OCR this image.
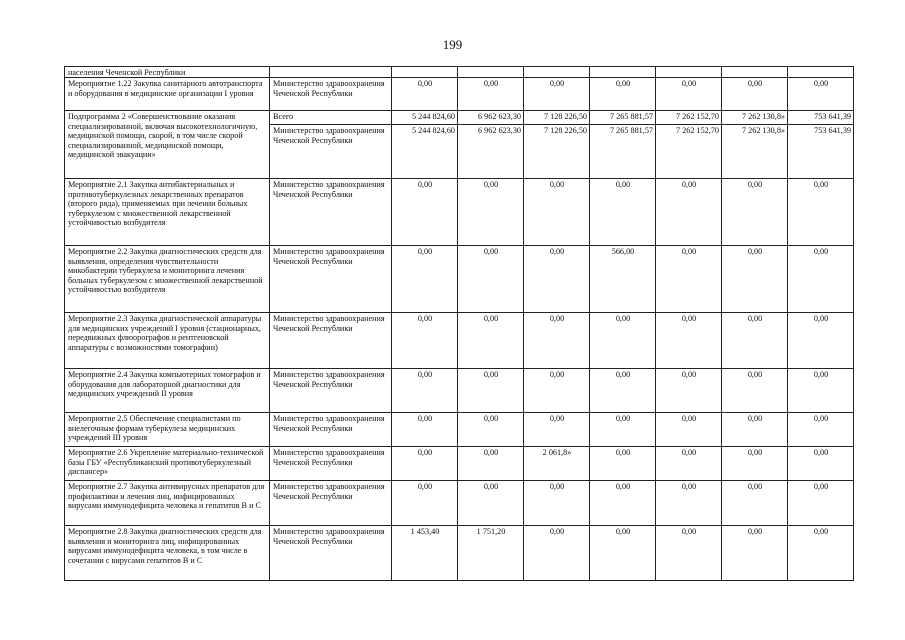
199
населения Чеченской Республики								
Мероприятие 1.22 Закупка санитарного автотранспорта и оборудования в медицинские организации I уровня	Министерство здравоохранения Чеченской Республики	0,00	0,00	0,00	0,00	0,00	0,00	0,00
Подпрограмма 2 «Совершенствование оказания специализированной, включая высокотехнологичную, медицинской помощи, скорой, в том числе скорой специализированной, медицинской помощи, медицинской эвакуации»	Всего	5 244 824,60	6 962 623,30	7 128 226,50	7 265 881,57	7 262 152,70	7 262 130,8»	753 641,39
	Министерство здравоохранения Чеченской Республики	5 244 824,60	6 962 623,30	7 128 226,50	7 265 881,57	7 262 152,70	7 262 130,8»	753 641,39
Мероприятие 2.1 Закупка антибактериальных и противотуберкулезных лекарственных препаратов (второго ряда), применяемых при лечении больных туберкулезом с множественной лекарственной устойчивостью возбудителя	Министерство здравоохранения Чеченской Республики	0,00	0,00	0,00	0,00	0,00	0,00	0,00
Мероприятие 2.2 Закупка диагностических средств для выявления, определения чувствительности микобактерии туберкулеза и мониторинга лечения больных туберкулезом с множественной лекарственной устойчивостью возбудителя	Министерство здравоохранения Чеченской Республики	0,00	0,00	0,00	566,00	0,00	0,00	0,00
Мероприятие 2.3 Закупка диагностической аппаратуры для медицинских учреждений I уровня (стационарных, передвижных флюорографов и рентгеновской аппаратуры с возможностями томографии)	Министерство здравоохранения Чеченской Республики	0,00	0,00	0,00	0,00	0,00	0,00	0,00
Мероприятие 2.4 Закупка компьютерных томографов и оборудования для лабораторной диагностики для медицинских учреждений II уровня	Министерство здравоохранения Чеченской Республики	0,00	0,00	0,00	0,00	0,00	0,00	0,00
Мероприятие 2.5 Обеспечение специалистами по внелегочным формам туберкулеза медицинских учреждений III уровня	Министерство здравоохранения Чеченской Республики	0,00	0,00	0,00	0,00	0,00	0,00	0,00
Мероприятие 2.6 Укрепление материально-технической базы ГБУ «Республиканский противотуберкулезный диспансер»	Министерство здравоохранения Чеченской Республики	0,00	0,00	2 061,8»	0,00	0,00	0,00	0,00
Мероприятие 2.7 Закупка антивирусных препаратов для профилактики и лечения лиц, инфицированных вирусами иммунодефицита человека и гепатитов В и С	Министерство здравоохранения Чеченской Республики	0,00	0,00	0,00	0,00	0,00	0,00	0,00
Мероприятие 2.8 Закупка диагностических средств для выявления и мониторинга лиц, инфицированных вирусами иммунодефицита человека, в том числе в сочетании с вирусами гепатитов В и С	Министерство здравоохранения Чеченской Республики	1 453,40	1 751,20	0,00	0,00	0,00	0,00	0,00
